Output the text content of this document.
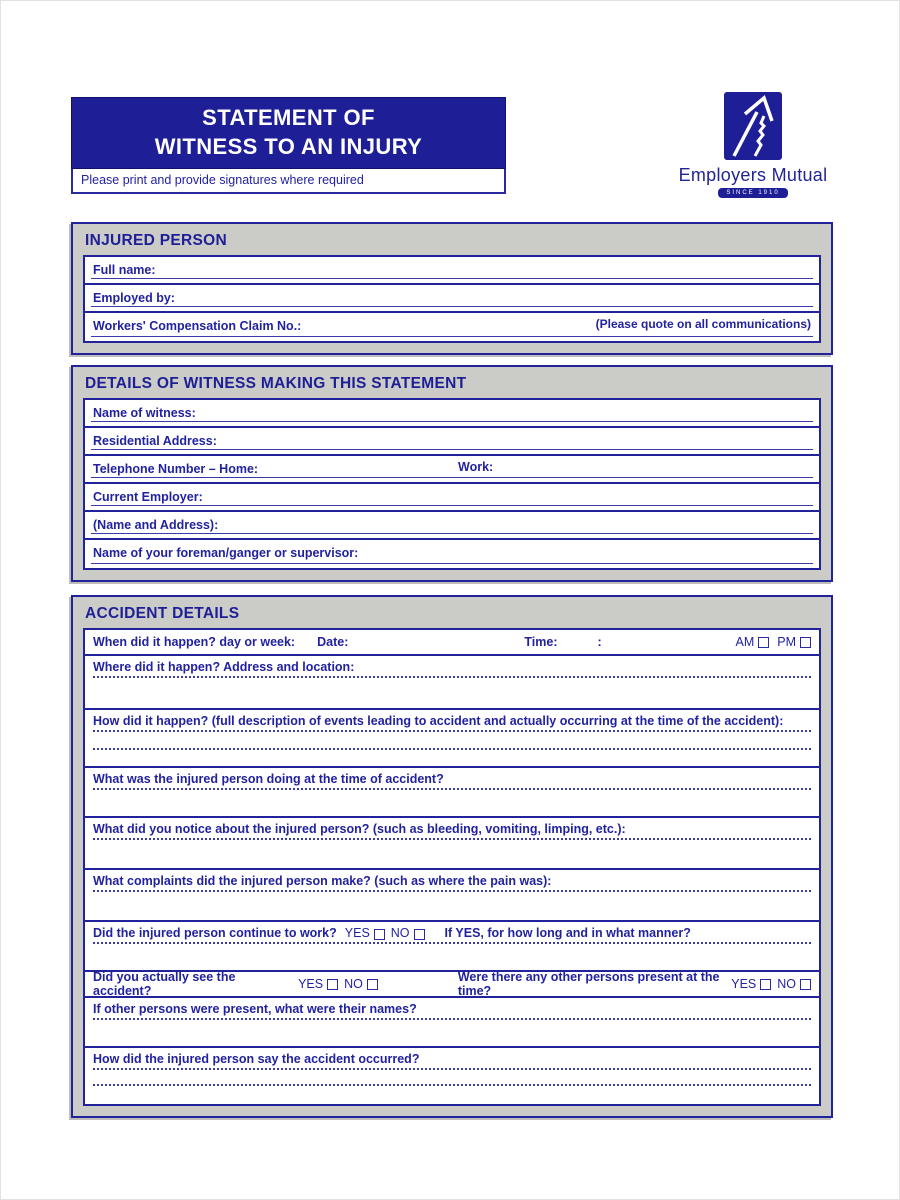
STATEMENT OF
WITNESS TO AN INJURY
Please print and provide signatures where required	Employers Mutual
SINCE 1910
INJURED PERSON
Full name:
Employed by:
Workers' Compensation Claim No.:	(Please quote on all communications)
DETAILS OF WITNESS MAKING THIS STATEMENT
Name of witness:
Residential Address:
Telephone Number – Home:	Work:
Current Employer:
(Name and Address):
Name of your foreman/ganger or supervisor:
ACCIDENT DETAILS
When did it happen? day or week: Date:	Time:	:	AM PM
Where did it happen? Address and location:
How did it happen? (full description of events leading to accident and actually occurring at the time of the accident):
What was the injured person doing at the time of accident?
What did you notice about the injured person? (such as bleeding, vomiting, limping, etc.):
What complaints did the injured person make? (such as where the pain was):
Did the injured person continue to work? YES NO	If YES, for how long and in what manner?
Did you actually see the accident?	YES NO	Were there any other persons present at the time?	YES NO
If other persons were present, what were their names?
How did the injured person say the accident occurred?
